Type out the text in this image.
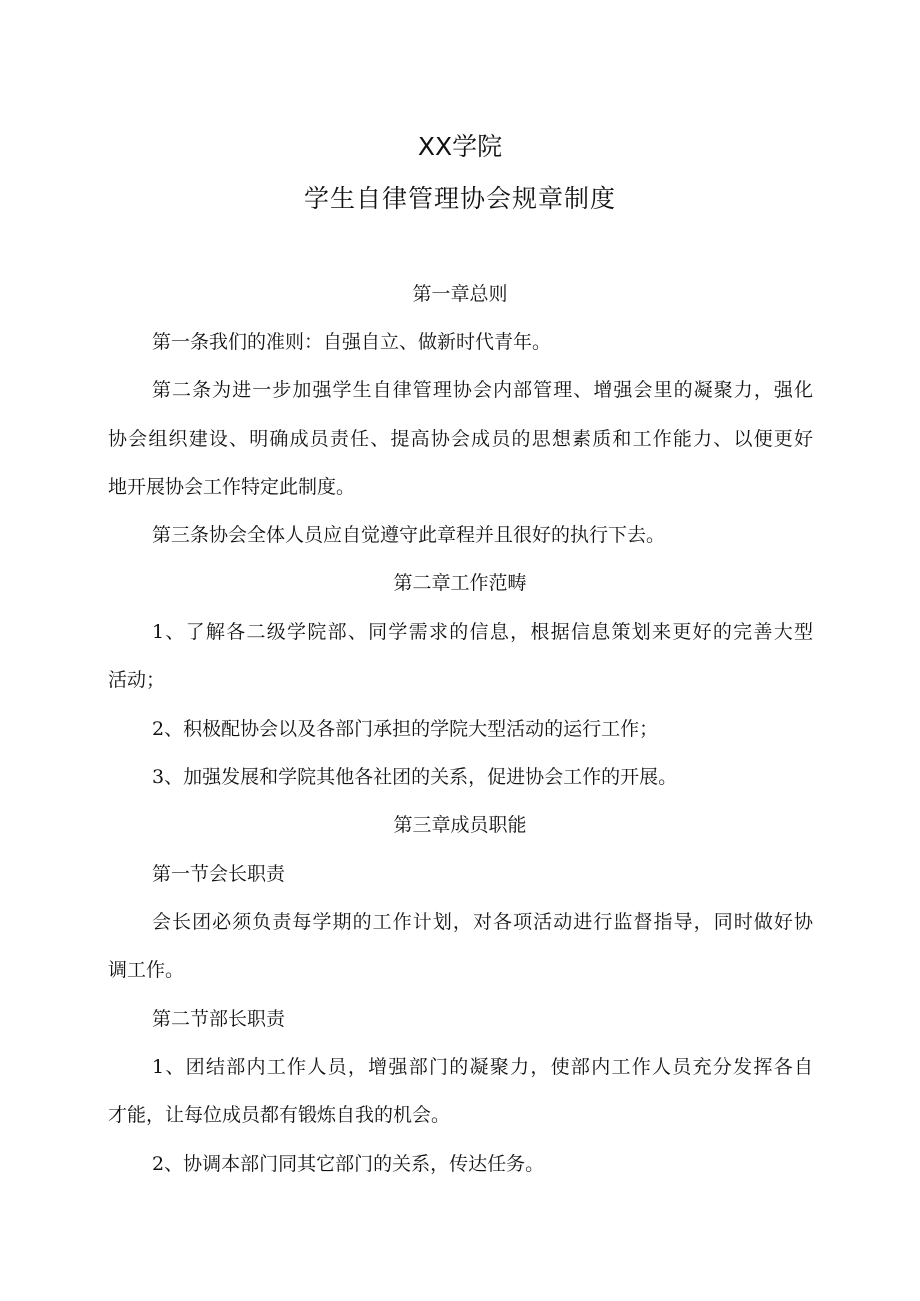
XX学院
学生自律管理协会规章制度
第一章总则
第一条我们的准则：自强自立、做新时代青年。
第二条为进一步加强学生自律管理协会内部管理、增强会里的凝聚力，强化
协会组织建设、明确成员责任、提高协会成员的思想素质和工作能力、以便更好
地开展协会工作特定此制度。
第三条协会全体人员应自觉遵守此章程并且很好的执行下去。
第二章工作范畴
1、了解各二级学院部、同学需求的信息，根据信息策划来更好的完善大型
活动；
2、积极配协会以及各部门承担的学院大型活动的运行工作；
3、加强发展和学院其他各社团的关系，促进协会工作的开展。
第三章成员职能
第一节会长职责
会长团必须负责每学期的工作计划，对各项活动进行监督指导，同时做好协
调工作。
第二节部长职责
1、团结部内工作人员，增强部门的凝聚力，使部内工作人员充分发挥各自
才能，让每位成员都有锻炼自我的机会。
2、协调本部门同其它部门的关系，传达任务。
